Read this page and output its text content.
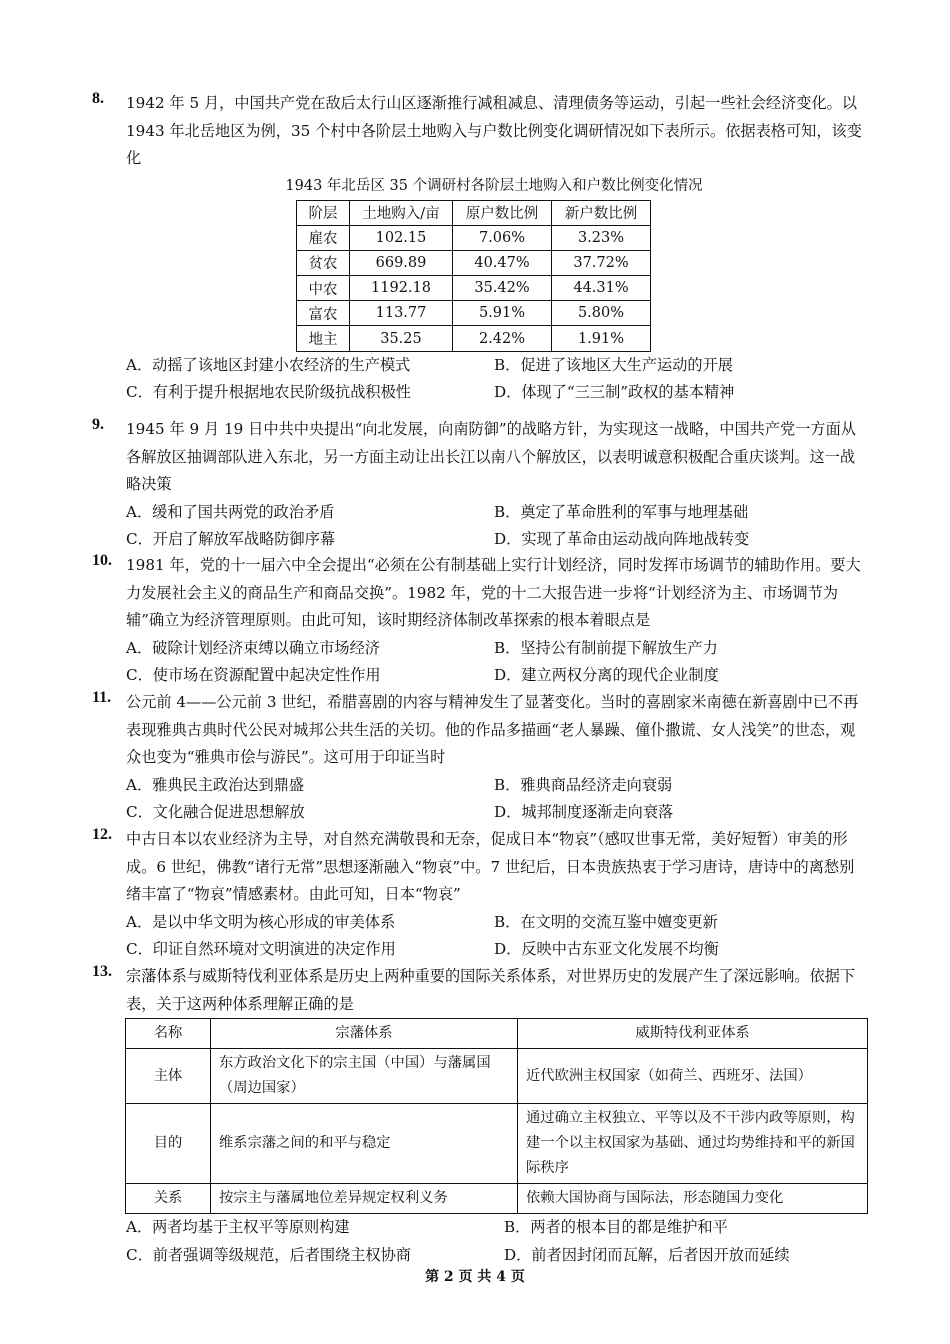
8. 1942 年 5 月，中国共产党在敌后太行山区逐渐推行减租减息、清理债务等运动，引起一些社会经济变化。以 1943 年北岳地区为例，35 个村中各阶层土地购入与户数比例变化调研情况如下表所示。依据表格可知，该变化
1943 年北岳区 35 个调研村各阶层土地购入和户数比例变化情况
阶层	土地购入/亩	原户数比例	新户数比例
雇农	102.15	7.06%	3.23%
贫农	669.89	40.47%	37.72%
中农	1192.18	35.42%	44.31%
富农	113.77	5.91%	5.80%
地主	35.25	2.42%	1.91%
A．动摇了该地区封建小农经济的生产模式	B．促进了该地区大生产运动的开展
C．有利于提升根据地农民阶级抗战积极性	D．体现了“三三制”政权的基本精神
9. 1945 年 9 月 19 日中共中央提出“向北发展，向南防御”的战略方针，为实现这一战略，中国共产党一方面从各解放区抽调部队进入东北，另一方面主动让出长江以南八个解放区，以表明诚意积极配合重庆谈判。这一战略决策
A．缓和了国共两党的政治矛盾	B．奠定了革命胜利的军事与地理基础
C．开启了解放军战略防御序幕	D．实现了革命由运动战向阵地战转变
10. 1981 年，党的十一届六中全会提出“必须在公有制基础上实行计划经济，同时发挥市场调节的辅助作用。要大力发展社会主义的商品生产和商品交换”。1982 年，党的十二大报告进一步将“计划经济为主、市场调节为辅”确立为经济管理原则。由此可知，该时期经济体制改革探索的根本着眼点是
A．破除计划经济束缚以确立市场经济	B．坚持公有制前提下解放生产力
C．使市场在资源配置中起决定性作用	D．建立两权分离的现代企业制度
11. 公元前 4——公元前 3 世纪，希腊喜剧的内容与精神发生了显著变化。当时的喜剧家米南德在新喜剧中已不再表现雅典古典时代公民对城邦公共生活的关切。他的作品多描画“老人暴躁、僮仆撒谎、女人浅笑”的世态，观众也变为“雅典市侩与游民”。这可用于印证当时
A．雅典民主政治达到鼎盛	B．雅典商品经济走向衰弱
C．文化融合促进思想解放	D．城邦制度逐渐走向衰落
12. 中古日本以农业经济为主导，对自然充满敬畏和无奈，促成日本“物哀”（感叹世事无常，美好短暂）审美的形成。6 世纪，佛教“诸行无常”思想逐渐融入“物哀”中。7 世纪后，日本贵族热衷于学习唐诗，唐诗中的离愁别绪丰富了“物哀”情感素材。由此可知，日本“物哀”
A．是以中华文明为核心形成的审美体系	B．在文明的交流互鉴中嬗变更新
C．印证自然环境对文明演进的决定作用	D．反映中古东亚文化发展不均衡
13. 宗藩体系与威斯特伐利亚体系是历史上两种重要的国际关系体系，对世界历史的发展产生了深远影响。依据下表，关于这两种体系理解正确的是
名称	宗藩体系	威斯特伐利亚体系
主体	东方政治文化下的宗主国（中国）与藩属国（周边国家）	近代欧洲主权国家（如荷兰、西班牙、法国）
目的	维系宗藩之间的和平与稳定	通过确立主权独立、平等以及不干涉内政等原则，构建一个以主权国家为基础、通过均势维持和平的新国际秩序
关系	按宗主与藩属地位差异规定权利义务	依赖大国协商与国际法，形态随国力变化
A．两者均基于主权平等原则构建	B．两者的根本目的都是维护和平
C．前者强调等级规范，后者围绕主权协商	D．前者因封闭而瓦解，后者因开放而延续
第 2 页 共 4 页
